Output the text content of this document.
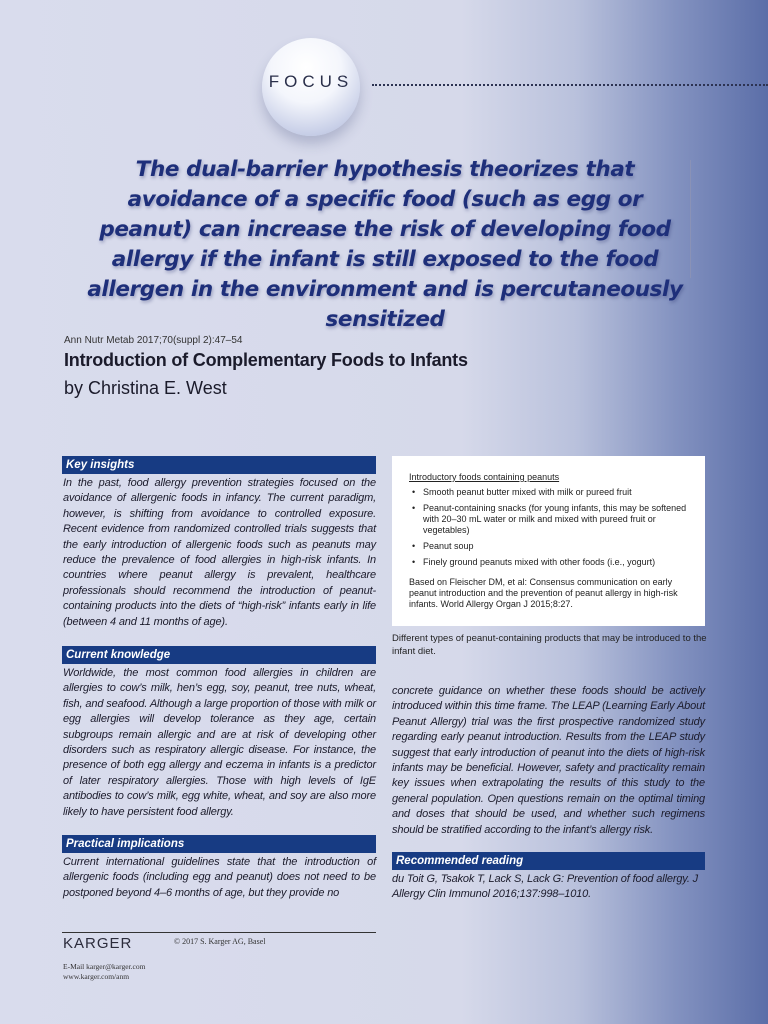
FOCUS
The dual-barrier hypothesis theorizes that avoidance of a specific food (such as egg or peanut) can increase the risk of developing food allergy if the infant is still exposed to the food allergen in the environment and is percutaneously sensitized
Ann Nutr Metab 2017;70(suppl 2):47–54
Introduction of Complementary Foods to Infants
by Christina E. West
Key insights
In the past, food allergy prevention strategies focused on the avoidance of allergenic foods in infancy. The current paradigm, however, is shifting from avoidance to controlled exposure. Recent evidence from randomized controlled trials suggests that the early introduction of allergenic foods such as peanuts may reduce the prevalence of food allergies in high-risk infants. In countries where peanut allergy is prevalent, healthcare professionals should recommend the introduction of peanut-containing products into the diets of “high-risk” infants early in life (between 4 and 11 months of age).
Current knowledge
Worldwide, the most common food allergies in children are allergies to cow’s milk, hen’s egg, soy, peanut, tree nuts, wheat, fish, and seafood. Although a large proportion of those with milk or egg allergies will develop tolerance as they age, certain subgroups remain allergic and are at risk of developing other disorders such as respiratory allergic disease. For instance, the presence of both egg allergy and eczema in infants is a predictor of later respiratory allergies. Those with high levels of IgE antibodies to cow’s milk, egg white, wheat, and soy are also more likely to have persistent food allergy.
Practical implications
Current international guidelines state that the introduction of allergenic foods (including egg and peanut) does not need to be postponed beyond 4–6 months of age, but they provide no
Introductory foods containing peanuts
• Smooth peanut butter mixed with milk or pureed fruit
• Peanut-containing snacks (for young infants, this may be softened with 20–30 mL water or milk and mixed with pureed fruit or vegetables)
• Peanut soup
• Finely ground peanuts mixed with other foods (i.e., yogurt)
Based on Fleischer DM, et al: Consensus communication on early peanut introduction and the prevention of peanut allergy in high-risk infants. World Allergy Organ J 2015;8:27.
Different types of peanut-containing products that may be introduced to the infant diet.
concrete guidance on whether these foods should be actively introduced within this time frame. The LEAP (Learning Early About Peanut Allergy) trial was the first prospective randomized study regarding early peanut introduction. Results from the LEAP study suggest that early introduction of peanut into the diets of high-risk infants may be beneficial. However, safety and practicality remain key issues when extrapolating the results of this study to the general population. Open questions remain on the optimal timing and doses that should be used, and whether such regimens should be stratified according to the infant’s allergy risk.
Recommended reading
du Toit G, Tsakok T, Lack S, Lack G: Prevention of food allergy. J Allergy Clin Immunol 2016;137:998–1010.
KARGER	© 2017 S. Karger AG, Basel
E-Mail karger@karger.com
www.karger.com/anm
